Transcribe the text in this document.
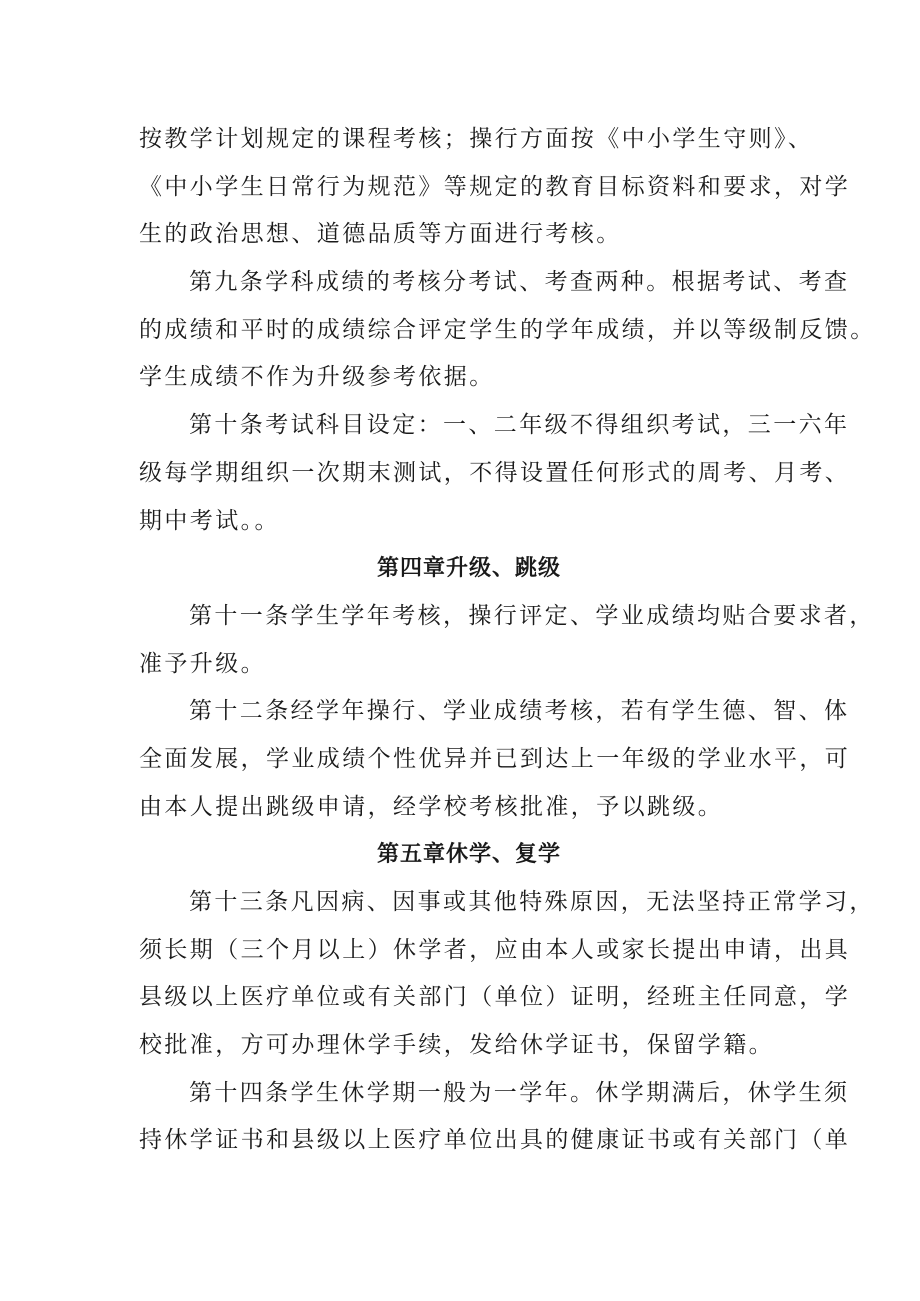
按教学计划规定的课程考核；操行方面按《中小学生守则》、
《中小学生日常行为规范》等规定的教育目标资料和要求，对学
生的政治思想、道德品质等方面进行考核。
第九条学科成绩的考核分考试、考查两种。根据考试、考查
的成绩和平时的成绩综合评定学生的学年成绩，并以等级制反馈。
学生成绩不作为升级参考依据。
第十条考试科目设定：一、二年级不得组织考试，三一六年
级每学期组织一次期末测试，不得设置任何形式的周考、月考、
期中考试。。
第四章升级、跳级
第十一条学生学年考核，操行评定、学业成绩均贴合要求者，
准予升级。
第十二条经学年操行、学业成绩考核，若有学生德、智、体
全面发展，学业成绩个性优异并已到达上一年级的学业水平，可
由本人提出跳级申请，经学校考核批准，予以跳级。
第五章休学、复学
第十三条凡因病、因事或其他特殊原因，无法坚持正常学习，
须长期（三个月以上）休学者，应由本人或家长提出申请，出具
县级以上医疗单位或有关部门（单位）证明，经班主任同意，学
校批准，方可办理休学手续，发给休学证书，保留学籍。
第十四条学生休学期一般为一学年。休学期满后，休学生须
持休学证书和县级以上医疗单位出具的健康证书或有关部门（单
